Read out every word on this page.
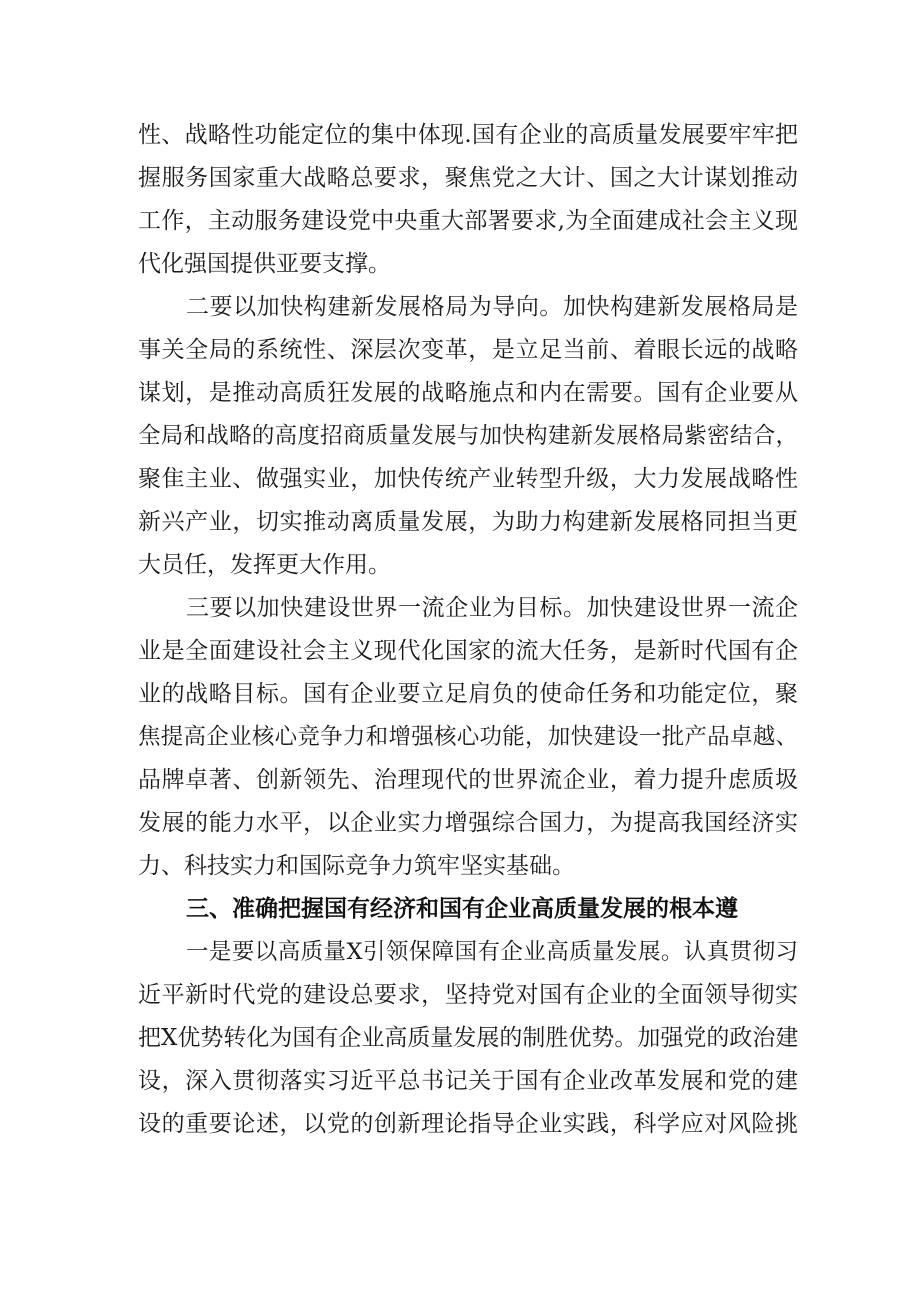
性、战略性功能定位的集中体现.国有企业的高质量发展要牢牢把
握服务国家重大战略总要求，聚焦党之大计、国之大计谋划推动
工作，主动服务建设党中央重大部署要求,为全面建成社会主义现
代化强国提供亚要支撑。
二要以加快构建新发展格局为导向。加快构建新发展格局是
事关全局的系统性、深层次变革，是立足当前、着眼长远的战略
谋划，是推动高质狂发展的战略施点和内在需要。国有企业要从
全局和战略的高度招商质量发展与加快构建新发展格局紫密结合，
聚隹主业、做强实业，加快传统产业转型升级，大力发展战略性
新兴产业，切实推动离质量发展，为助力构建新发展格同担当更
大员任，发挥更大作用。
三要以加快建设世界一流企业为目标。加快建设世界一流企
业是全面建设社会主义现代化国家的流大任务，是新时代国有企
业的战略目标。国有企业要立足肩负的使命任务和功能定位，聚
焦提高企业核心竞争力和增强核心功能，加快建设一批产品卓越、
品牌卓著、创新领先、治理现代的世界流企业，着力提升虑质圾
发展的能力水平，以企业实力增强综合国力，为提高我国经济实
力、科技实力和国际竞争力筑牢坚实基础。
三、准确把握国有经济和国有企业高质量发展的根本遵
一是要以高质量X引领保障国有企业高质量发展。认真贯彻习
近平新时代党的建设总要求，坚持党对国有企业的全面领导彻实
把X优势转化为国有企业高质量发展的制胜优势。加强党的政治建
设，深入贯彻落实习近平总书记关于国有企业改革发展和党的建
设的重要论述，以党的创新理论指导企业实践，科学应对风险挑
